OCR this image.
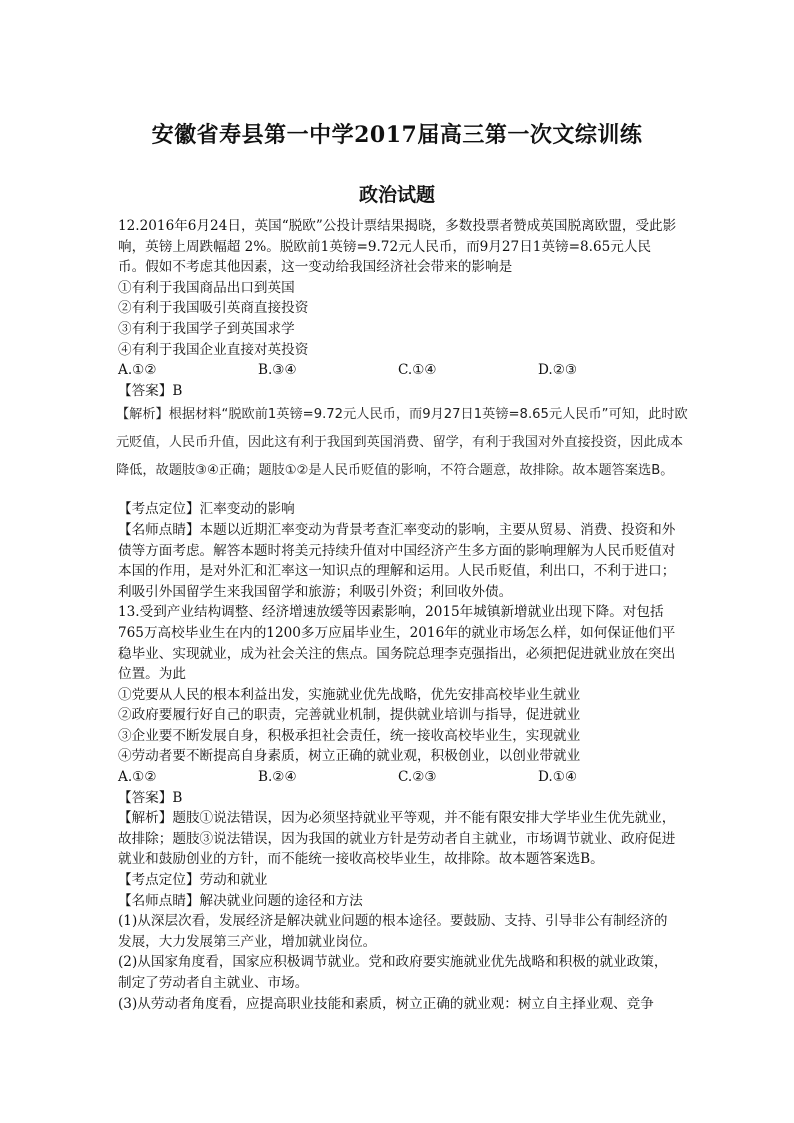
安徽省寿县第一中学2017届高三第一次文综训练
政治试题

12.2016年6月24日，英国“脱欧”公投计票结果揭晓，多数投票者赞成英国脱离欧盟，受此影响，英镑上周跌幅超 2%。脱欧前1英镑=9.72元人民币，而9月27日1英镑=8.65元人民币。假如不考虑其他因素，这一变动给我国经济社会带来的影响是

①有利于我国商品出口到英国

②有利于我国吸引英商直接投资

③有利于我国学子到英国求学

④有利于我国企业直接对英投资

A.①②	B.③④	C.①④	D.②③

【答案】B

【解析】根据材料“脱欧前1英镑=9.72元人民币，而9月27日1英镑=8.65元人民币”可知，此时欧元贬值，人民币升值，因此这有利于我国到英国消费、留学，有利于我国对外直接投资，因此成本降低，故题肢③④正确；题肢①②是人民币贬值的影响，不符合题意，故排除。故本题答案选B。

【考点定位】汇率变动的影响

【名师点睛】本题以近期汇率变动为背景考查汇率变动的影响，主要从贸易、消费、投资和外债等方面考虑。解答本题时将美元持续升值对中国经济产生多方面的影响理解为人民币贬值对本国的作用，是对外汇和汇率这一知识点的理解和运用。人民币贬值，利出口，不利于进口；利吸引外国留学生来我国留学和旅游；利吸引外资；利回收外债。

13.受到产业结构调整、经济增速放缓等因素影响，2015年城镇新增就业出现下降。对包括765万高校毕业生在内的1200多万应届毕业生，2016年的就业市场怎么样，如何保证他们平稳毕业、实现就业，成为社会关注的焦点。国务院总理李克强指出，必须把促进就业放在突出位置。为此

①党要从人民的根本利益出发，实施就业优先战略，优先安排高校毕业生就业

②政府要履行好自己的职责，完善就业机制，提供就业培训与指导，促进就业

③企业要不断发展自身，积极承担社会责任，统一接收高校毕业生，实现就业

④劳动者要不断提高自身素质，树立正确的就业观，积极创业，以创业带就业

A.①②	B.②④	C.②③	D.①④

【答案】B

【解析】题肢①说法错误，因为必须坚持就业平等观，并不能有限安排大学毕业生优先就业，故排除；题肢③说法错误，因为我国的就业方针是劳动者自主就业，市场调节就业、政府促进就业和鼓励创业的方针，而不能统一接收高校毕业生，故排除。故本题答案选B。

【考点定位】劳动和就业

【名师点睛】解决就业问题的途径和方法

(1)从深层次看，发展经济是解决就业问题的根本途径。要鼓励、支持、引导非公有制经济的发展，大力发展第三产业，增加就业岗位。

(2)从国家角度看，国家应积极调节就业。党和政府要实施就业优先战略和积极的就业政策，制定了劳动者自主就业、市场。

(3)从劳动者角度看，应提高职业技能和素质，树立正确的就业观：树立自主择业观、竞争
